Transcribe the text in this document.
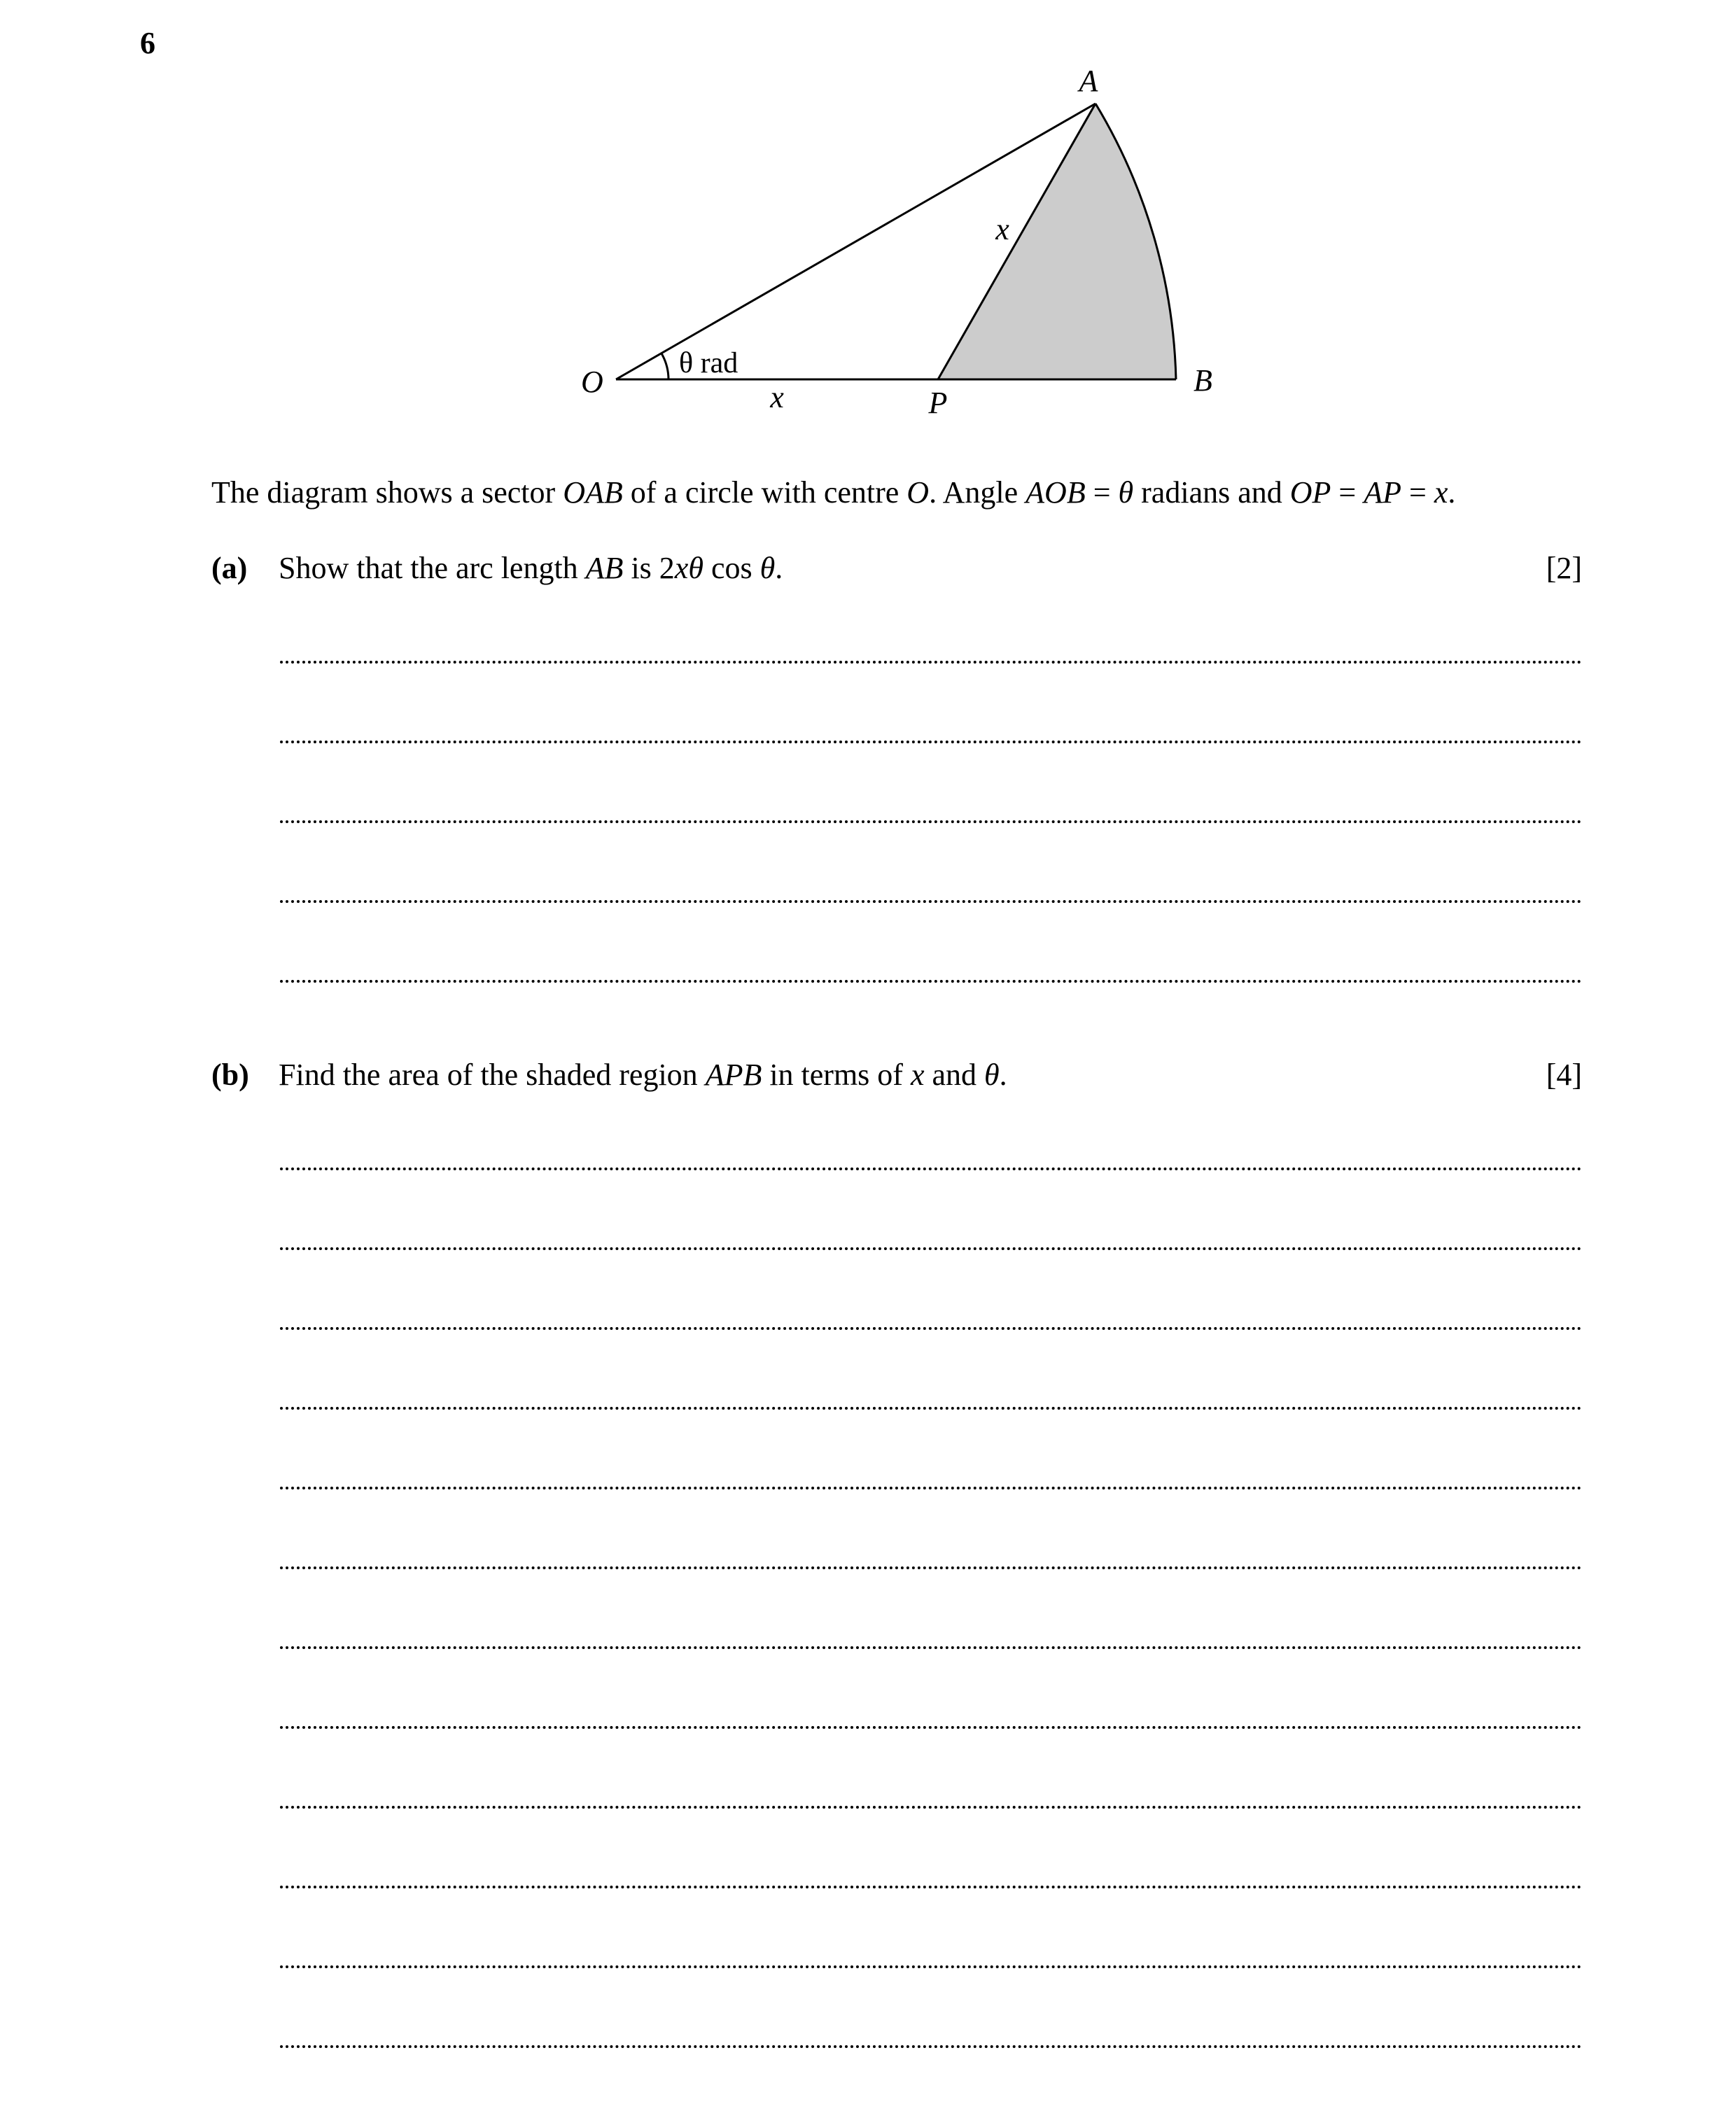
6
A
B
O
P
x
x
θ rad
The diagram shows a sector OAB of a circle with centre O. Angle AOB = θ radians and OP = AP = x.
(a) Show that the arc length AB is 2xθ cos θ.	[2]
(b) Find the area of the shaded region APB in terms of x and θ.	[4]
